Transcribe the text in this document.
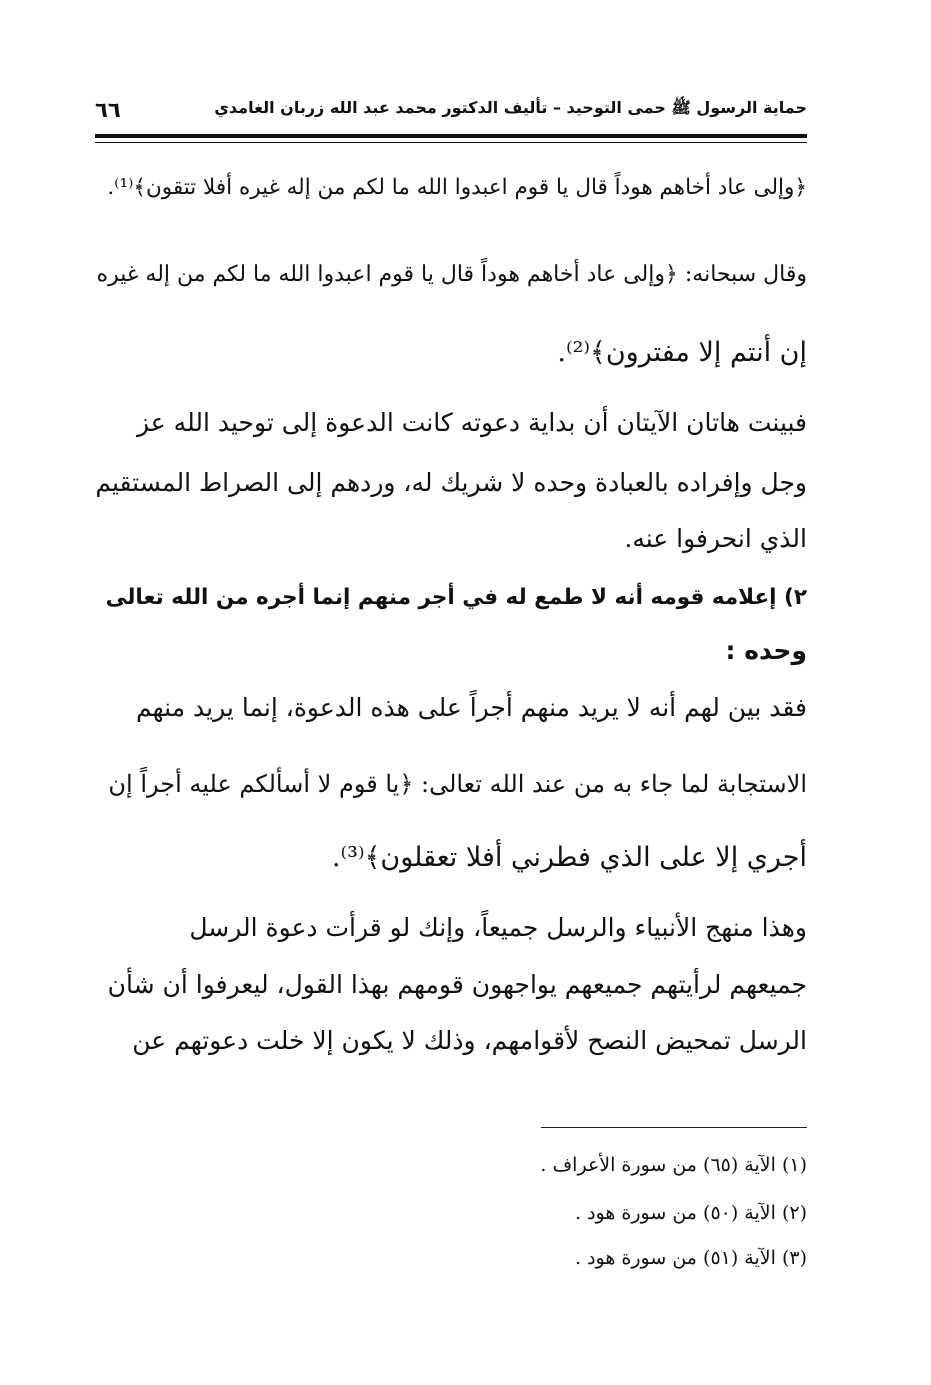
حماية الرسول ﷺ حمى التوحيد – تأليف الدكتور محمد عبد الله زربان الغامدي
٦٦
﴿وإلى عاد أخاهم هوداً قال يا قوم اعبدوا الله ما لكم من إله غيره أفلا تتقون﴾⁽¹⁾.
وقال سبحانه: ﴿وإلى عاد أخاهم هوداً قال يا قوم اعبدوا الله ما لكم من إله غيره
إن أنتم إلا مفترون﴾⁽²⁾.
فبينت هاتان الآيتان أن بداية دعوته كانت الدعوة إلى توحيد الله عز
وجل وإفراده بالعبادة وحده لا شريك له، وردهم إلى الصراط المستقيم
الذي انحرفوا عنه.
٢) إعلامه قومه أنه لا طمع له في أجر منهم إنما أجره من الله تعالى
وحده :
فقد بين لهم أنه لا يريد منهم أجراً على هذه الدعوة، إنما يريد منهم
الاستجابة لما جاء به من عند الله تعالى: ﴿يا قوم لا أسألكم عليه أجراً إن
أجري إلا على الذي فطرني أفلا تعقلون﴾⁽³⁾.
وهذا منهج الأنبياء والرسل جميعاً، وإنك لو قرأت دعوة الرسل
جميعهم لرأيتهم جميعهم يواجهون قومهم بهذا القول، ليعرفوا أن شأن
الرسل تمحيض النصح لأقوامهم، وذلك لا يكون إلا خلت دعوتهم عن
(١) الآية (٦٥) من سورة الأعراف .
(٢) الآية (٥٠) من سورة هود .
(٣) الآية (٥١) من سورة هود .
